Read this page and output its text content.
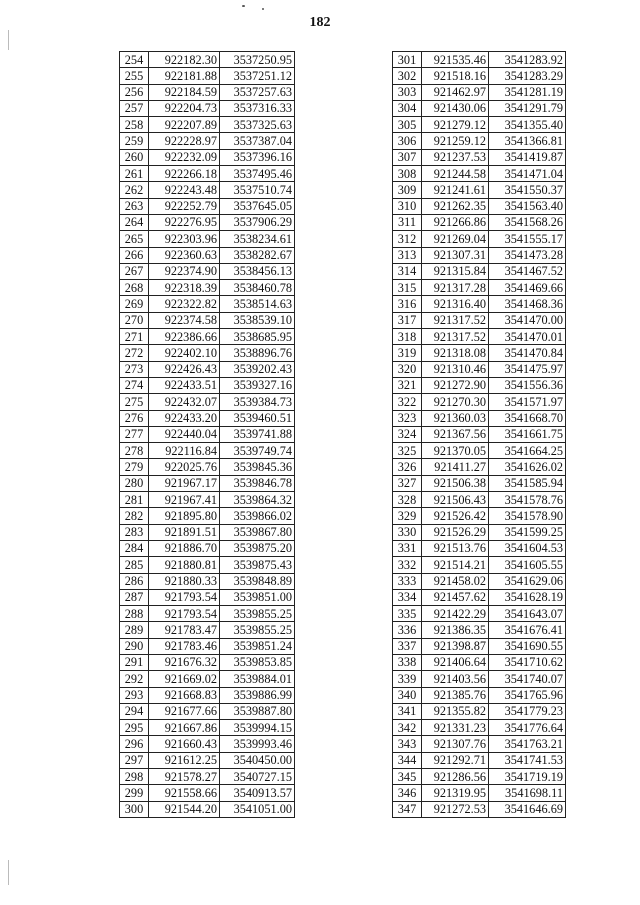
182
254	922182.30	3537250.95
255	922181.88	3537251.12
256	922184.59	3537257.63
257	922204.73	3537316.33
258	922207.89	3537325.63
259	922228.97	3537387.04
260	922232.09	3537396.16
261	922266.18	3537495.46
262	922243.48	3537510.74
263	922252.79	3537645.05
264	922276.95	3537906.29
265	922303.96	3538234.61
266	922360.63	3538282.67
267	922374.90	3538456.13
268	922318.39	3538460.78
269	922322.82	3538514.63
270	922374.58	3538539.10
271	922386.66	3538685.95
272	922402.10	3538896.76
273	922426.43	3539202.43
274	922433.51	3539327.16
275	922432.07	3539384.73
276	922433.20	3539460.51
277	922440.04	3539741.88
278	922116.84	3539749.74
279	922025.76	3539845.36
280	921967.17	3539846.78
281	921967.41	3539864.32
282	921895.80	3539866.02
283	921891.51	3539867.80
284	921886.70	3539875.20
285	921880.81	3539875.43
286	921880.33	3539848.89
287	921793.54	3539851.00
288	921793.54	3539855.25
289	921783.47	3539855.25
290	921783.46	3539851.24
291	921676.32	3539853.85
292	921669.02	3539884.01
293	921668.83	3539886.99
294	921677.66	3539887.80
295	921667.86	3539994.15
296	921660.43	3539993.46
297	921612.25	3540450.00
298	921578.27	3540727.15
299	921558.66	3540913.57
300	921544.20	3541051.00
301	921535.46	3541283.92
302	921518.16	3541283.29
303	921462.97	3541281.19
304	921430.06	3541291.79
305	921279.12	3541355.40
306	921259.12	3541366.81
307	921237.53	3541419.87
308	921244.58	3541471.04
309	921241.61	3541550.37
310	921262.35	3541563.40
311	921266.86	3541568.26
312	921269.04	3541555.17
313	921307.31	3541473.28
314	921315.84	3541467.52
315	921317.28	3541469.66
316	921316.40	3541468.36
317	921317.52	3541470.00
318	921317.52	3541470.01
319	921318.08	3541470.84
320	921310.46	3541475.97
321	921272.90	3541556.36
322	921270.30	3541571.97
323	921360.03	3541668.70
324	921367.56	3541661.75
325	921370.05	3541664.25
326	921411.27	3541626.02
327	921506.38	3541585.94
328	921506.43	3541578.76
329	921526.42	3541578.90
330	921526.29	3541599.25
331	921513.76	3541604.53
332	921514.21	3541605.55
333	921458.02	3541629.06
334	921457.62	3541628.19
335	921422.29	3541643.07
336	921386.35	3541676.41
337	921398.87	3541690.55
338	921406.64	3541710.62
339	921403.56	3541740.07
340	921385.76	3541765.96
341	921355.82	3541779.23
342	921331.23	3541776.64
343	921307.76	3541763.21
344	921292.71	3541741.53
345	921286.56	3541719.19
346	921319.95	3541698.11
347	921272.53	3541646.69
